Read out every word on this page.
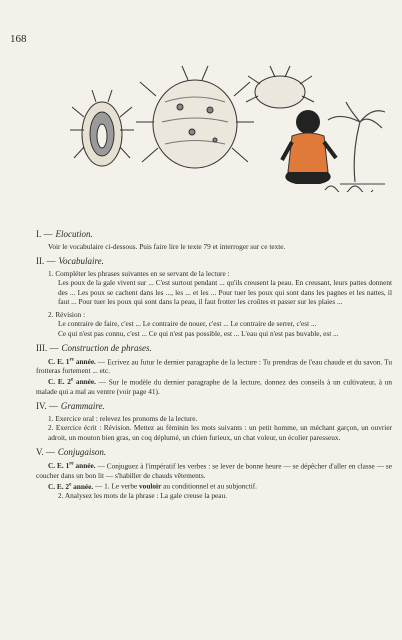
168
I. — Elocution.

Voir le vocabulaire ci-dessous. Puis faire lire le texte 79 et interroger sur ce texte.

II. — Vocabulaire.

1. Compléter les phrases suivantes en se servant de la lecture :

Les poux de la gale vivent sur ... C'est surtout pendant ... qu'ils creusent la peau. En creusant, leurs pattes donnent des ... Les poux se cachent dans les ..., les ... et les ... Pour tuer les poux qui sont dans les pagnes et les nattes, il faut ... Pour tuer les poux qui sont dans la peau, il faut frotter les croûtes et passer sur les plaies ...

2. Révision :

Le contraire de faire, c'est ... Le contraire de nouer, c'est ... Le contraire de serrer, c'est ...

Ce qui n'est pas connu, c'est ... Ce qui n'est pas possible, est ... L'eau qui n'est pas buvable, est ...

III. — Construction de phrases.

C. E. 1re année. — Ecrivez au futur le dernier paragraphe de la lecture : Tu prendras de l'eau chaude et du savon. Tu frotteras fortement ... etc.

C. E. 2e année. — Sur le modèle du dernier paragraphe de la lecture, donnez des conseils à un cultivateur, à un malade qui a mal au ventre (voir page 41).

IV. — Grammaire.

1. Exercice oral : relevez les pronoms de la lecture.

2. Exercice écrit : Révision. Mettez au féminin les mots suivants : un petit homme, un méchant garçon, un ouvrier adroit, un mouton bien gras, un coq déplumé, un chien furieux, un chat voleur, un écolier paresseux.

V. — Conjugaison.

C. E. 1re année. — Conjuguez à l'impératif les verbes : se lever de bonne heure — se dépêcher d'aller en classe — se coucher dans un bon lit — s'habiller de chauds vêtements.

C. E. 2e année. — 1. Le verbe vouloir au conditionnel et au subjonctif.

2. Analysez les mots de la phrase : La gale creuse la peau.
